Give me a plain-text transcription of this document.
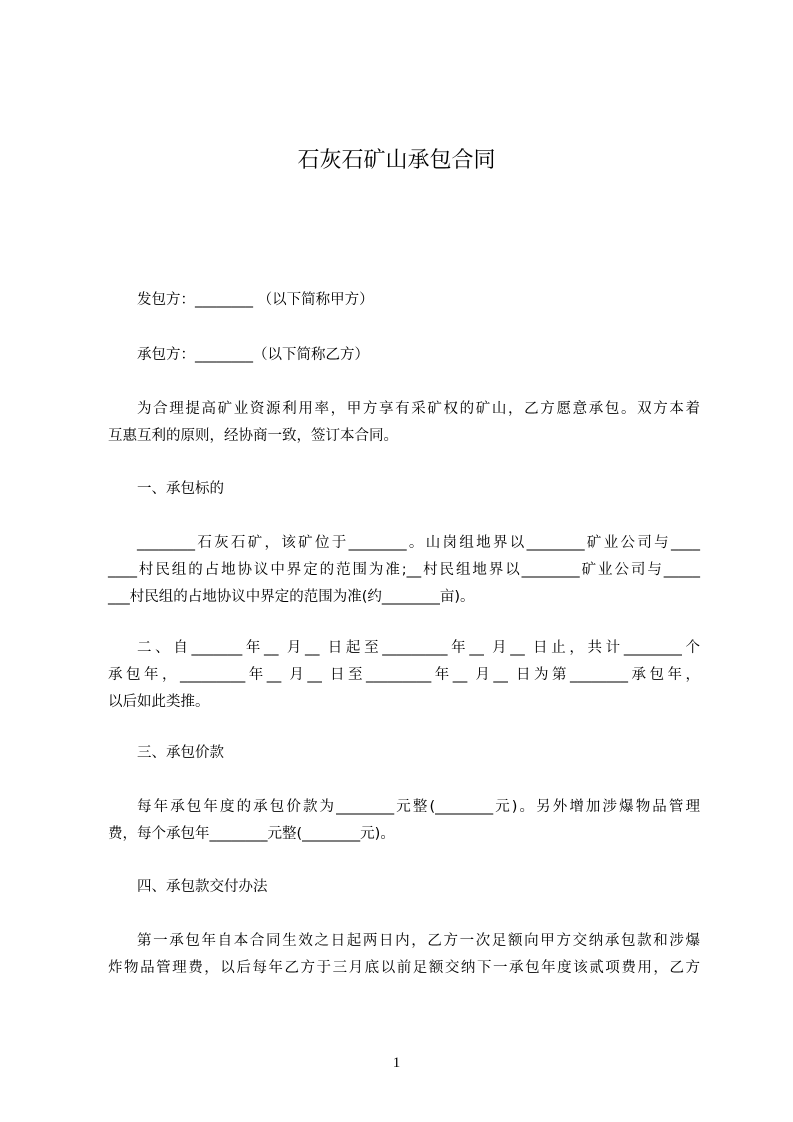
石灰石矿山承包合同
发包方：________ （以下简称甲方）
承包方：________（以下简称乙方）
为合理提高矿业资源利用率，甲方享有采矿权的矿山，乙方愿意承包。双方本着
互惠互利的原则，经协商一致，签订本合同。
一、承包标的
________石灰石矿，该矿位于________。山岗组地界以________矿业公司与____
____村民组的占地协议中界定的范围为准;__村民组地界以________矿业公司与_____
___村民组的占地协议中界定的范围为准(约________亩)。
二、自_______年__ 月__ 日起至_________年__ 月__ 日止，共计________个
承包年，_________年__ 月__ 日至_________年__ 月__ 日为第________承包年，
以后如此类推。
三、承包价款
每年承包年度的承包价款为________元整(________元)。另外增加涉爆物品管理
费，每个承包年________元整(________元)。
四、承包款交付办法
第一承包年自本合同生效之日起两日内，乙方一次足额向甲方交纳承包款和涉爆
炸物品管理费，以后每年乙方于三月底以前足额交纳下一承包年度该贰项费用，乙方
1
